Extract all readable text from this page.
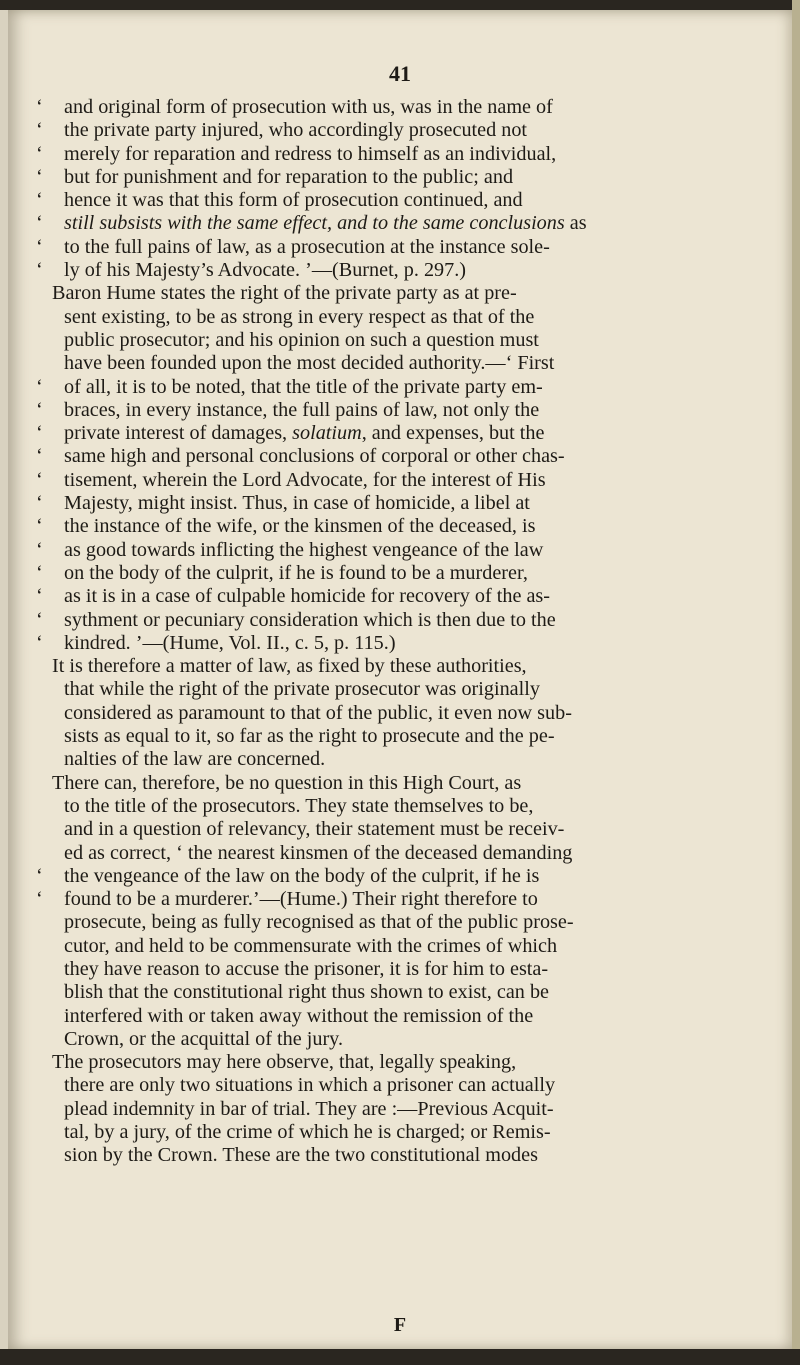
41
‘ and original form of prosecution with us, was in the name of
‘ the private party injured, who accordingly prosecuted not
‘ merely for reparation and redress to himself as an individual,
‘ but for punishment and for reparation to the public; and
‘ hence it was that this form of prosecution continued, and
‘ still subsists with the same effect, and to the same conclusions as
‘ to the full pains of law, as a prosecution at the instance sole-
‘ ly of his Majesty’s Advocate. ’—(Burnet, p. 297.)
Baron Hume states the right of the private party as at pre-
sent existing, to be as strong in every respect as that of the
public prosecutor; and his opinion on such a question must
have been founded upon the most decided authority.—‘ First
‘ of all, it is to be noted, that the title of the private party em-
‘ braces, in every instance, the full pains of law, not only the
‘ private interest of damages, solatium, and expenses, but the
‘ same high and personal conclusions of corporal or other chas-
‘ tisement, wherein the Lord Advocate, for the interest of His
‘ Majesty, might insist. Thus, in case of homicide, a libel at
‘ the instance of the wife, or the kinsmen of the deceased, is
‘ as good towards inflicting the highest vengeance of the law
‘ on the body of the culprit, if he is found to be a murderer,
‘ as it is in a case of culpable homicide for recovery of the as-
‘ sythment or pecuniary consideration which is then due to the
‘ kindred. ’—(Hume, Vol. II., c. 5, p. 115.)
It is therefore a matter of law, as fixed by these authorities,
that while the right of the private prosecutor was originally
considered as paramount to that of the public, it even now sub-
sists as equal to it, so far as the right to prosecute and the pe-
nalties of the law are concerned.
There can, therefore, be no question in this High Court, as
to the title of the prosecutors. They state themselves to be,
and in a question of relevancy, their statement must be receiv-
ed as correct, ‘ the nearest kinsmen of the deceased demanding
‘ the vengeance of the law on the body of the culprit, if he is
‘ found to be a murderer.’—(Hume.) Their right therefore to
prosecute, being as fully recognised as that of the public prose-
cutor, and held to be commensurate with the crimes of which
they have reason to accuse the prisoner, it is for him to esta-
blish that the constitutional right thus shown to exist, can be
interfered with or taken away without the remission of the
Crown, or the acquittal of the jury.
The prosecutors may here observe, that, legally speaking,
there are only two situations in which a prisoner can actually
plead indemnity in bar of trial. They are :—Previous Acquit-
tal, by a jury, of the crime of which he is charged; or Remis-
sion by the Crown. These are the two constitutional modes
F
